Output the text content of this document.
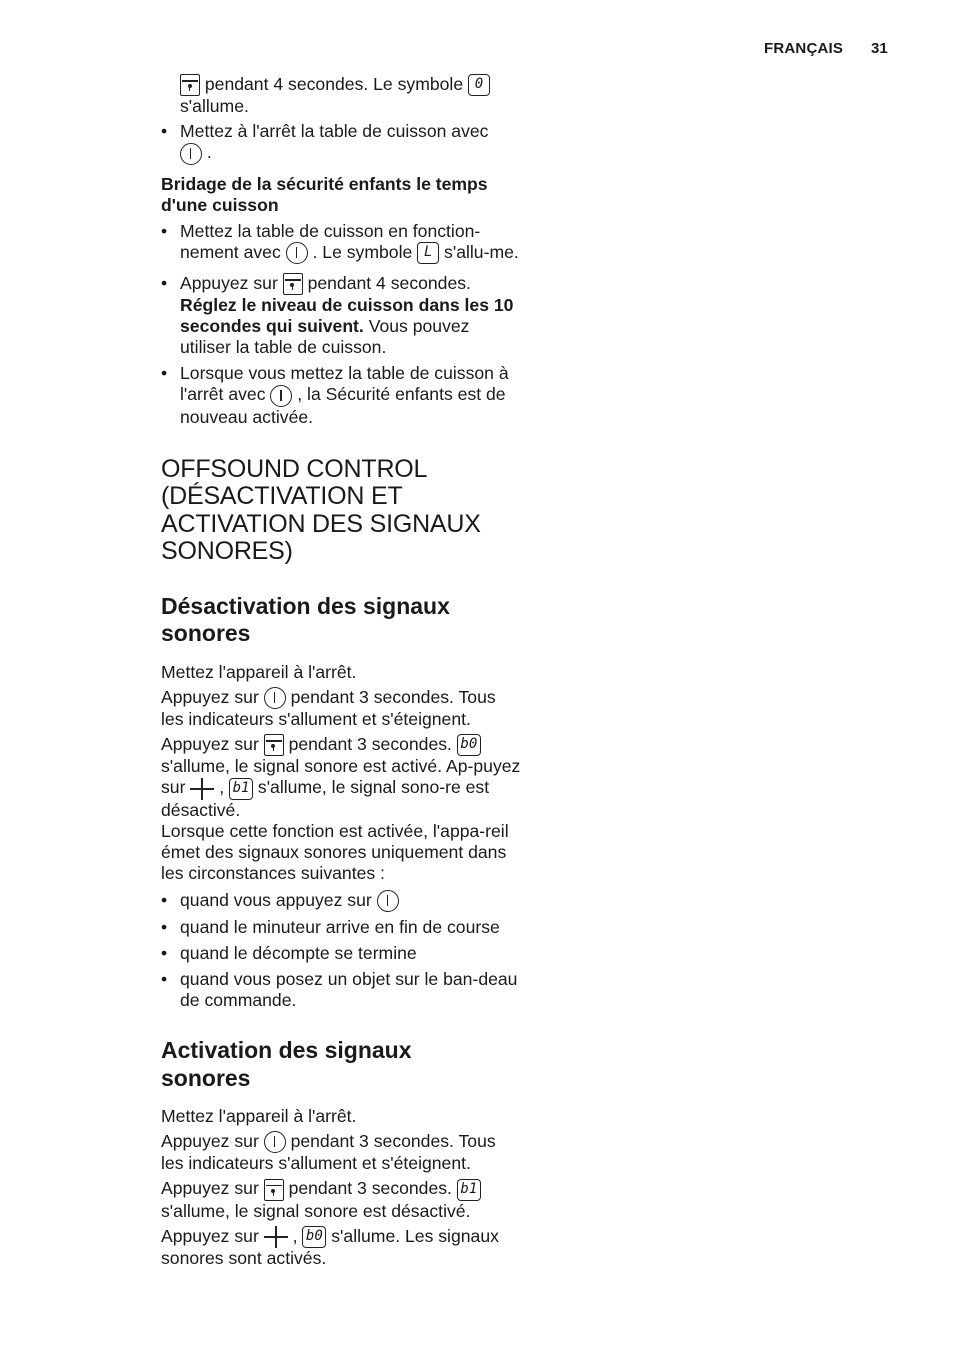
FRANÇAIS 31
pendant 4 secondes. Le symbole 0
s'allume.
• Mettez à l'arrêt la table de cuisson avec
.

Bridage de la sécurité enfants le temps d'une cuisson

• Mettez la table de cuisson en fonction-nement avec  . Le symbole L s'allu-me.
• Appuyez sur
pendant 4 secondes. Réglez le niveau de cuisson dans les 10 secondes qui suivent. Vous pouvez utiliser la table de cuisson.
• Lorsque vous mettez la table de cuisson à l'arrêt avec  , la Sécurité enfants est de nouveau activée.
OFFSOUND CONTROL (DÉSACTIVATION ET ACTIVATION DES SIGNAUX SONORES)
Désactivation des signaux sonores

Mettez l'appareil à l'arrêt.

Appuyez sur  pendant 3 secondes. Tous les indicateurs s'allument et s'éteignent.

Appuyez sur
pendant 3 secondes. b0 s'allume, le signal sonore est activé. Ap-puyez sur  , b1 s'allume, le signal sono-re est désactivé.

Lorsque cette fonction est activée, l'appa-reil émet des signaux sonores uniquement dans les circonstances suivantes :

• quand vous appuyez sur
• quand le minuteur arrive en fin de course
• quand le décompte se termine
• quand vous posez un objet sur le ban-deau de commande.
Activation des signaux sonores

Mettez l'appareil à l'arrêt.

Appuyez sur  pendant 3 secondes. Tous les indicateurs s'allument et s'éteignent.

Appuyez sur
pendant 3 secondes. b1 s'allume, le signal sonore est désactivé.

Appuyez sur  , b0 s'allume. Les signaux sonores sont activés.
